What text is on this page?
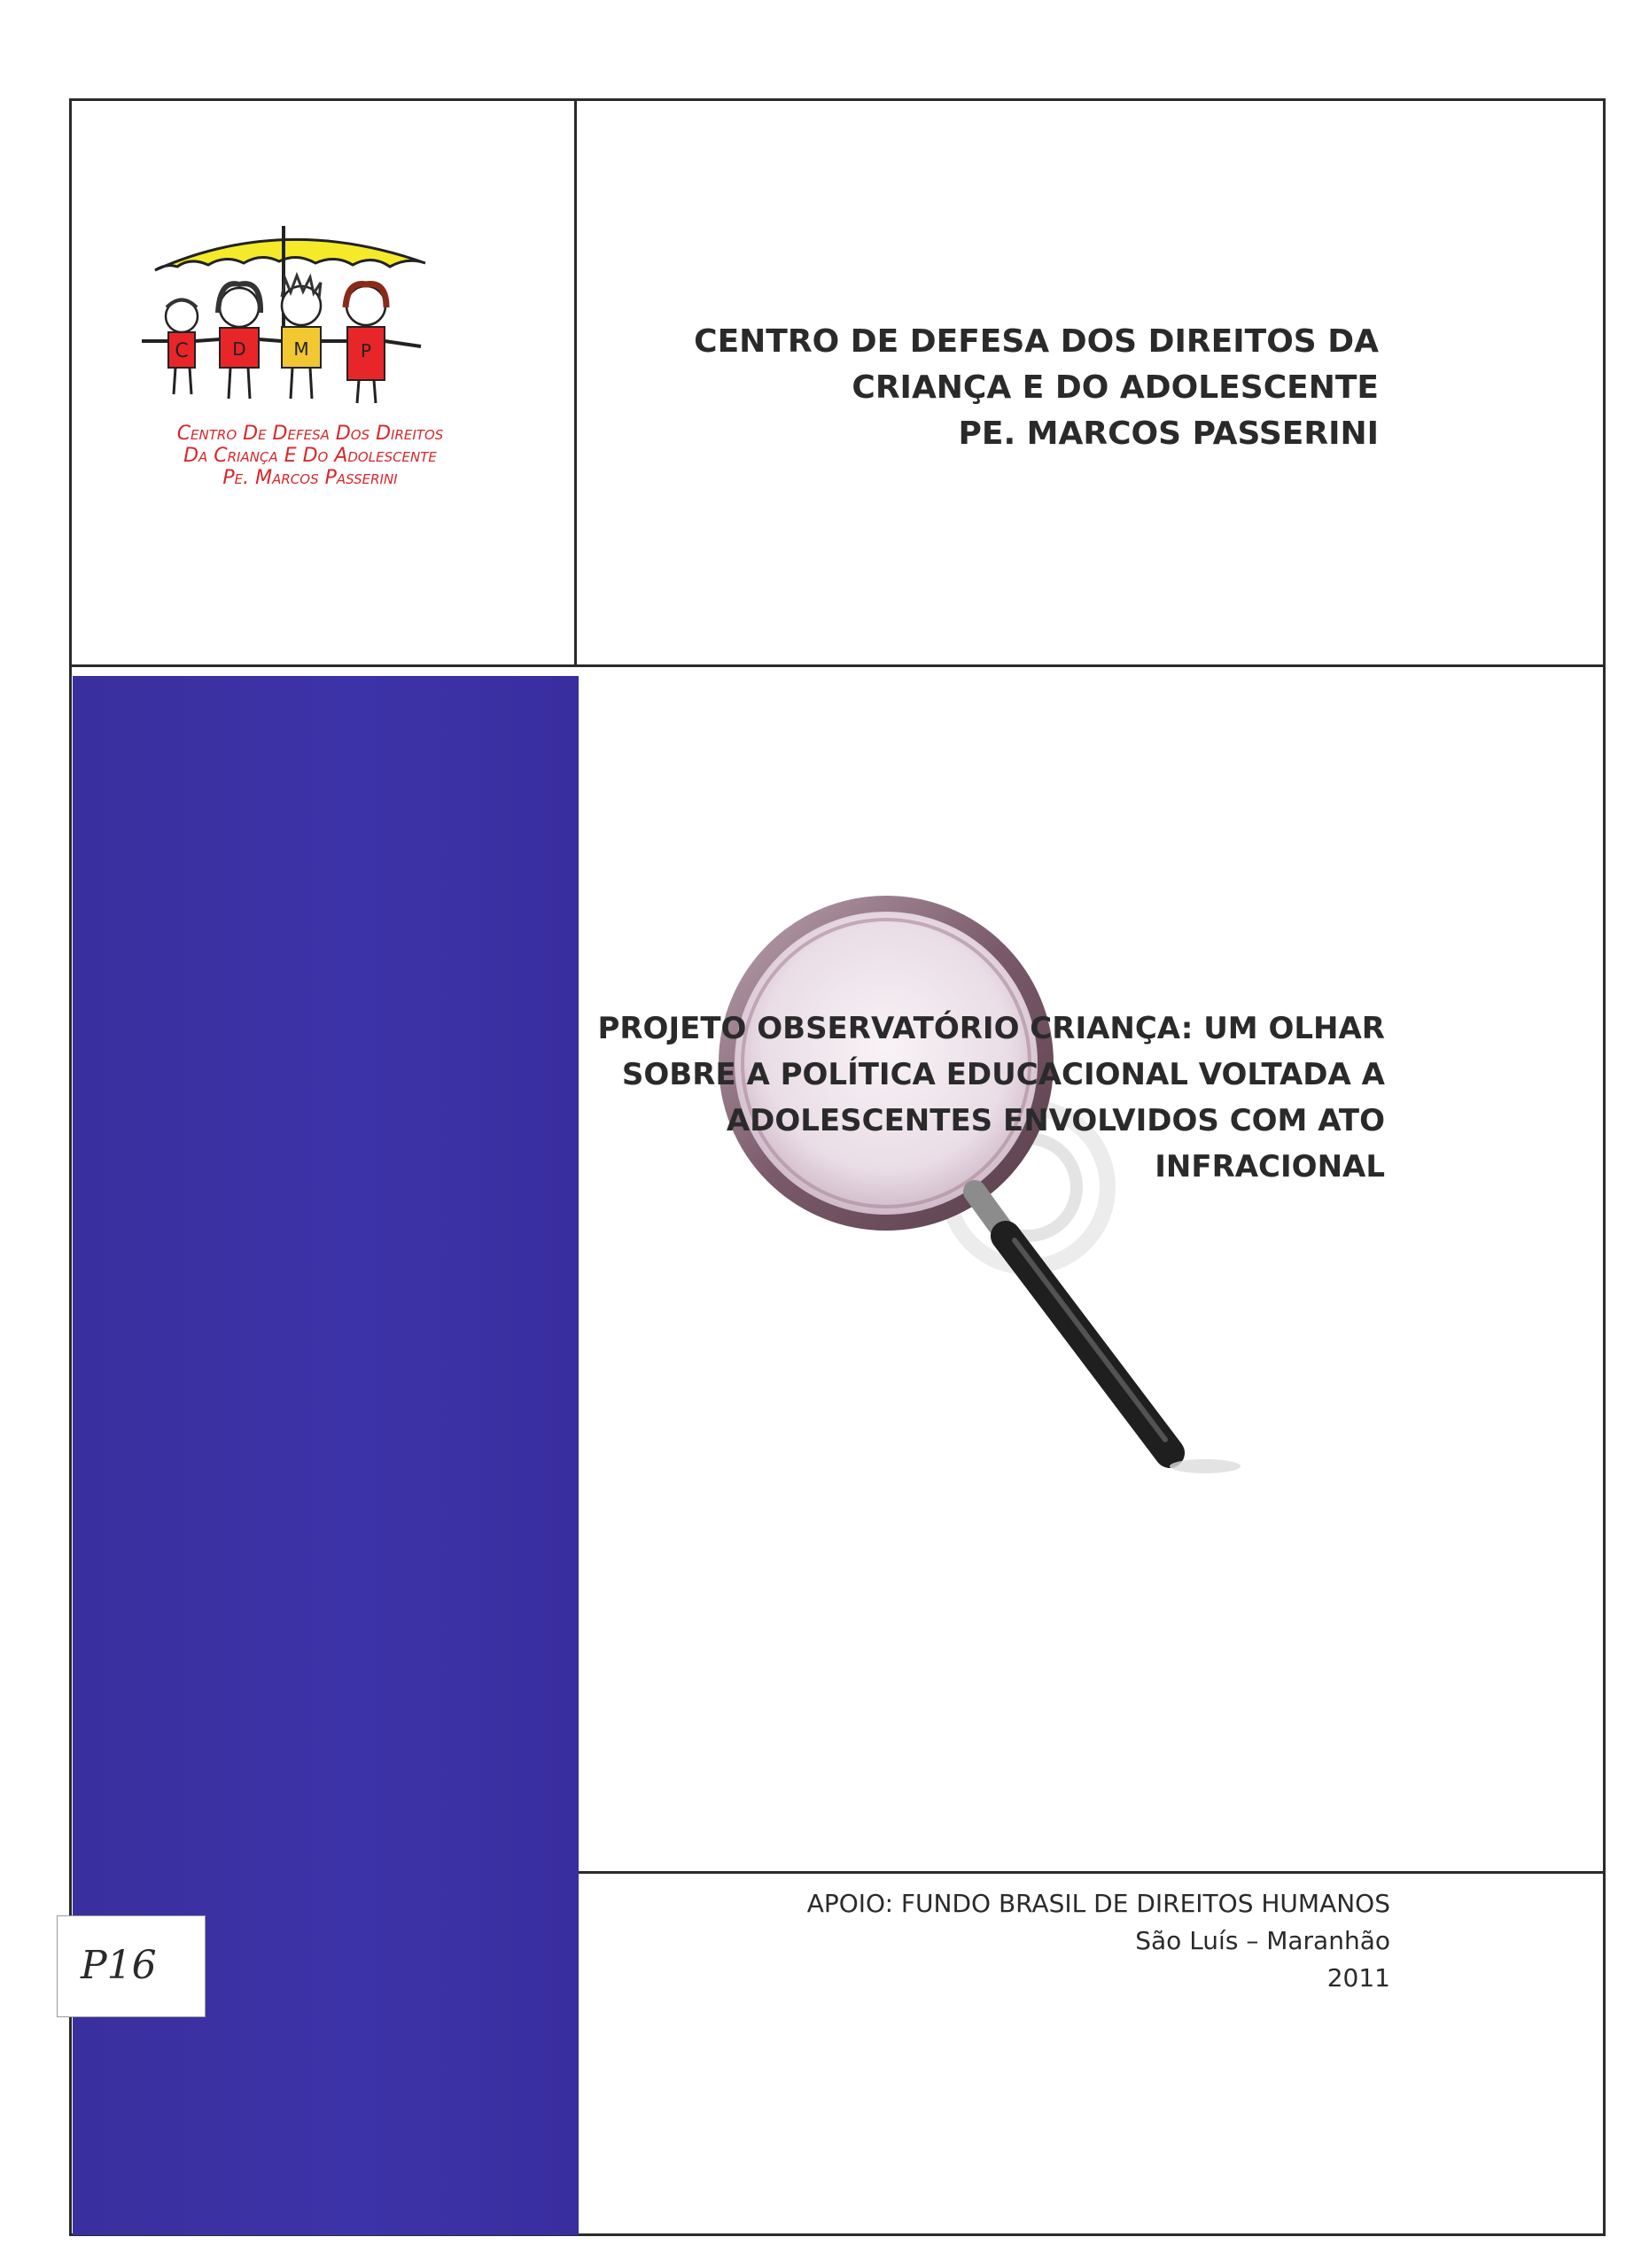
C D	M	P
Centro De Defesa Dos Direitos
Da Criança E Do Adolescente
Pe. Marcos Passerini
CENTRO DE DEFESA DOS DIREITOS DA
CRIANÇA E DO ADOLESCENTE
PE. MARCOS PASSERINI
PROJETO OBSERVATÓRIO CRIANÇA: UM OLHAR
SOBRE A POLÍTICA EDUCACIONAL VOLTADA A
ADOLESCENTES ENVOLVIDOS COM ATO
INFRACIONAL
APOIO: FUNDO BRASIL DE DIREITOS HUMANOS
São Luís – Maranhão
2011
P16
